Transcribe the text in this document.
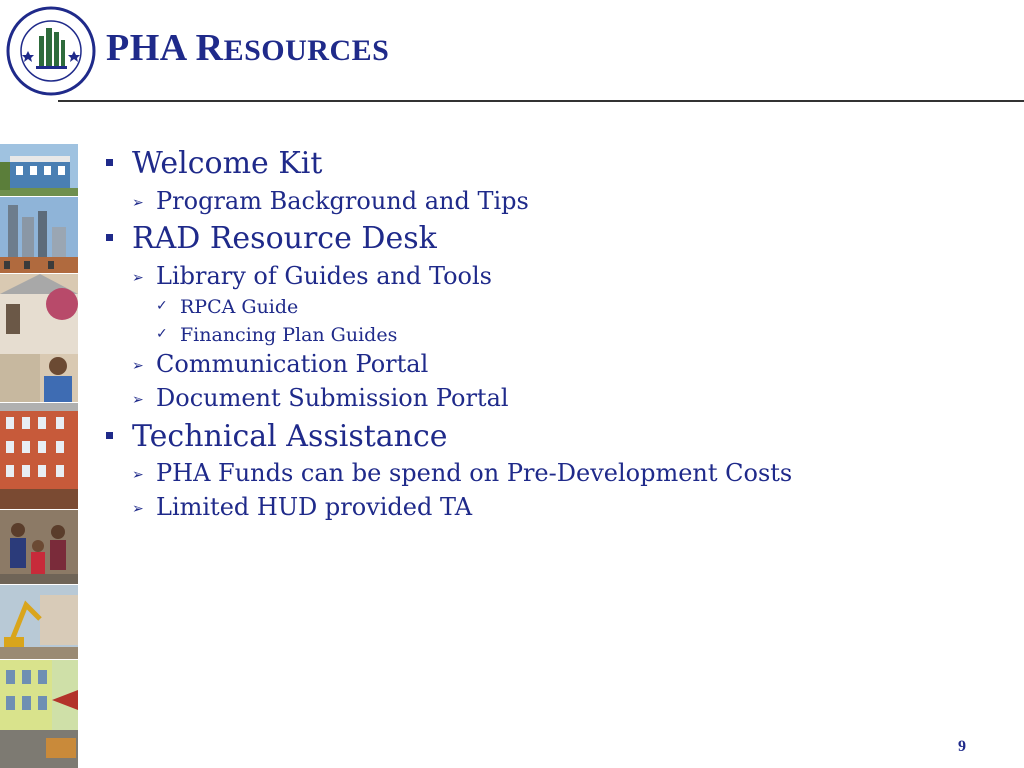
PHA RESOURCES
Welcome Kit
➢ Program Background and Tips
RAD Resource Desk
➢ Library of Guides and Tools
✓ RPCA Guide
✓ Financing Plan Guides
➢ Communication Portal
➢ Document Submission Portal
Technical Assistance
➢ PHA Funds can be spend on Pre-Development Costs
➢ Limited HUD provided TA
9
